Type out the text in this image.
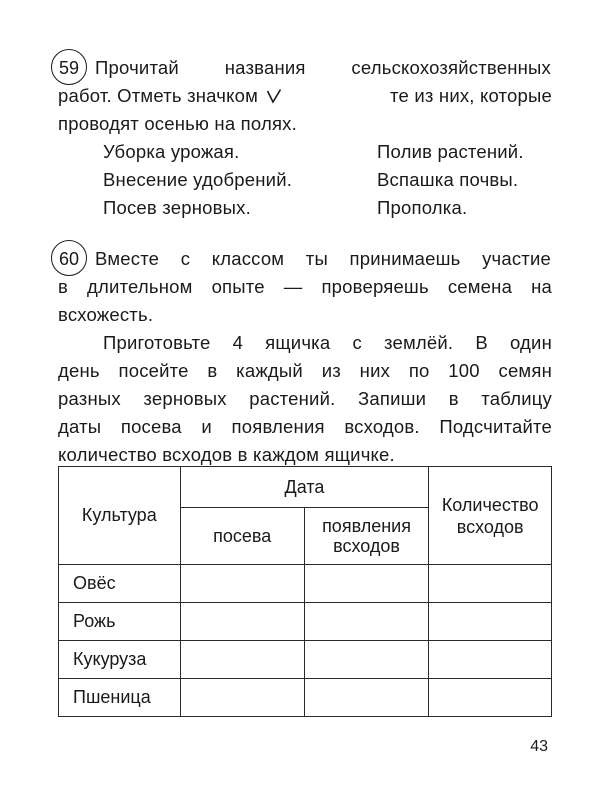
59 Прочитай названия сельскохозяйственных
работ. Отметь значком	те из них, которые
проводят осенью на полях.
Уборка урожая.
Внесение удобрений.
Посев зерновых.
Полив растений.
Вспашка почвы.
Прополка.
60 Вместе с классом ты принимаешь участие
в длительном опыте — проверяешь семена на
всхожесть.
Приготовьте 4 ящичка с землёй. В один
день посейте в каждый из них по 100 семян
разных зерновых растений. Запиши в таблицу
даты посева и появления всходов. Подсчитайте
количество всходов в каждом ящичке.
Культура	Дата		Количество всходов
	посева	появления всходов	
Овёс			
Рожь			
Кукуруза			
Пшеница			
43
